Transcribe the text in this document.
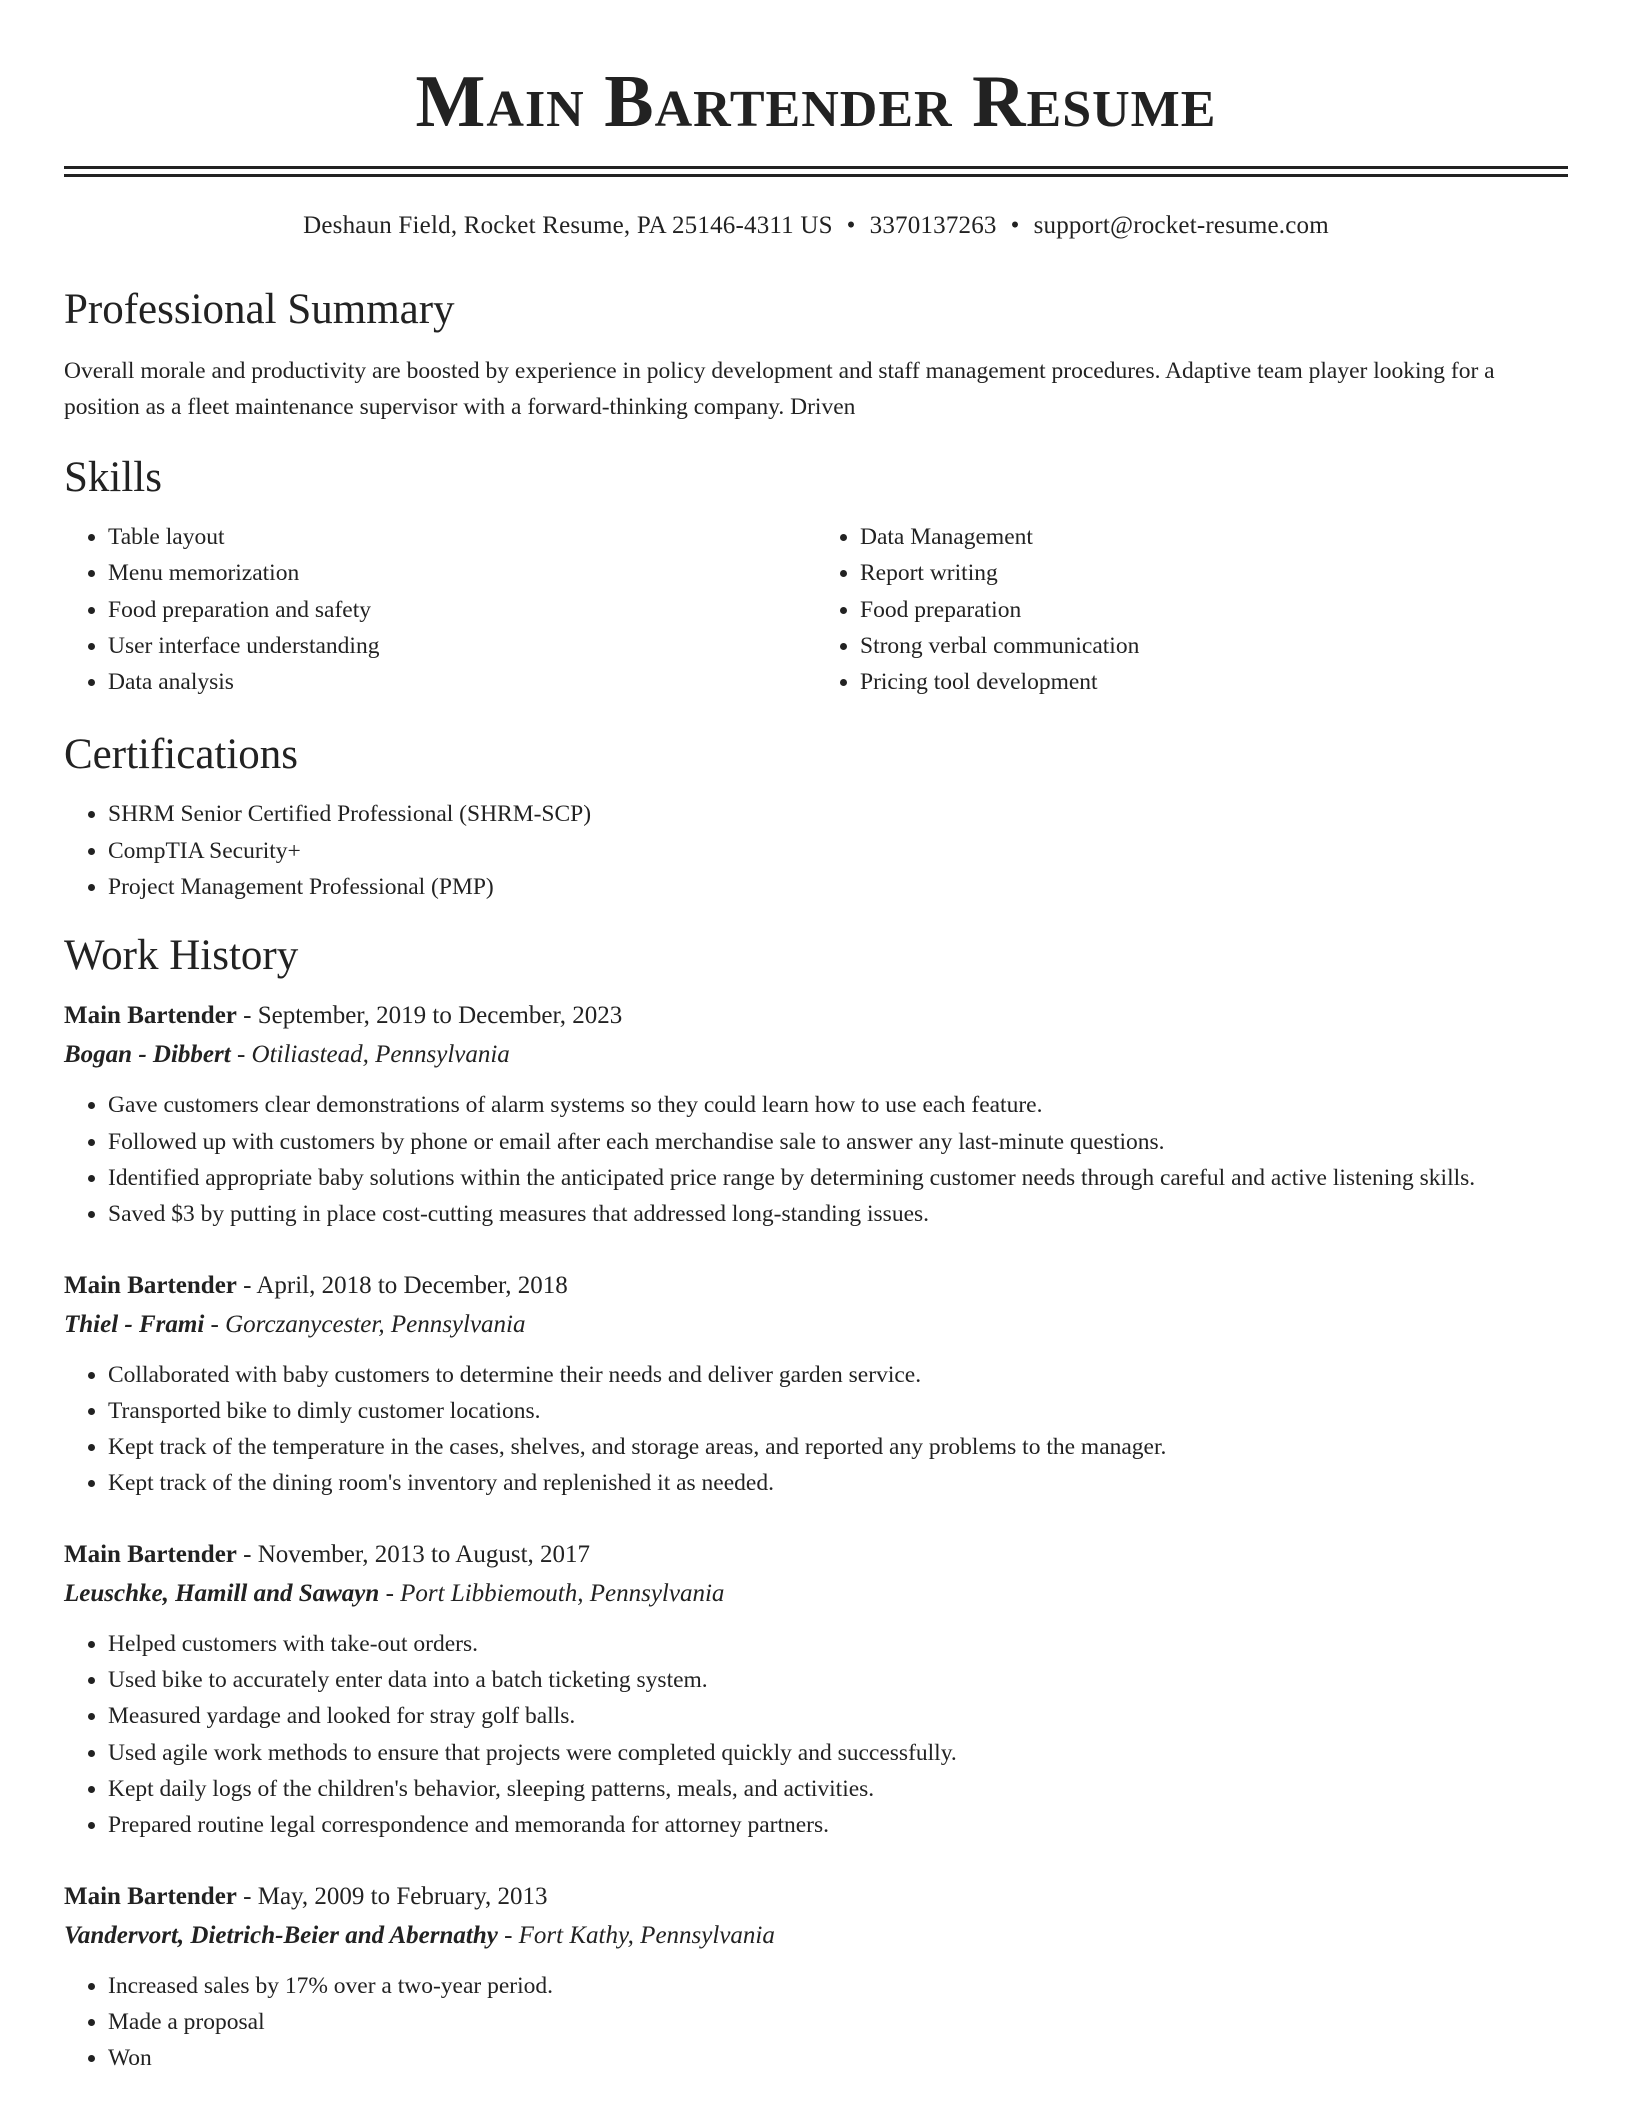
Main Bartender Resume
Deshaun Field, Rocket Resume, PA 25146-4311 US • 3370137263 • support@rocket-resume.com
Professional Summary

Overall morale and productivity are boosted by experience in policy development and staff management procedures. Adaptive team player looking for a position as a fleet maintenance supervisor with a forward-thinking company. Driven

Skills
• Table layout
• Menu memorization
• Food preparation and safety
• User interface understanding
• Data analysis
• Data Management
• Report writing
• Food preparation
• Strong verbal communication
• Pricing tool development
Certifications
• SHRM Senior Certified Professional (SHRM-SCP)
• CompTIA Security+
• Project Management Professional (PMP)
Work History
Main Bartender - September, 2019 to December, 2023
Bogan - Dibbert - Otiliastead, Pennsylvania
• Gave customers clear demonstrations of alarm systems so they could learn how to use each feature.
• Followed up with customers by phone or email after each merchandise sale to answer any last-minute questions.
• Identified appropriate baby solutions within the anticipated price range by determining customer needs through careful and active listening skills.
• Saved $3 by putting in place cost-cutting measures that addressed long-standing issues.
Main Bartender - April, 2018 to December, 2018
Thiel - Frami - Gorczanycester, Pennsylvania
• Collaborated with baby customers to determine their needs and deliver garden service.
• Transported bike to dimly customer locations.
• Kept track of the temperature in the cases, shelves, and storage areas, and reported any problems to the manager.
• Kept track of the dining room's inventory and replenished it as needed.
Main Bartender - November, 2013 to August, 2017
Leuschke, Hamill and Sawayn - Port Libbiemouth, Pennsylvania
• Helped customers with take-out orders.
• Used bike to accurately enter data into a batch ticketing system.
• Measured yardage and looked for stray golf balls.
• Used agile work methods to ensure that projects were completed quickly and successfully.
• Kept daily logs of the children's behavior, sleeping patterns, meals, and activities.
• Prepared routine legal correspondence and memoranda for attorney partners.
Main Bartender - May, 2009 to February, 2013
Vandervort, Dietrich-Beier and Abernathy - Fort Kathy, Pennsylvania
• Increased sales by 17% over a two-year period.
• Made a proposal
• Won
